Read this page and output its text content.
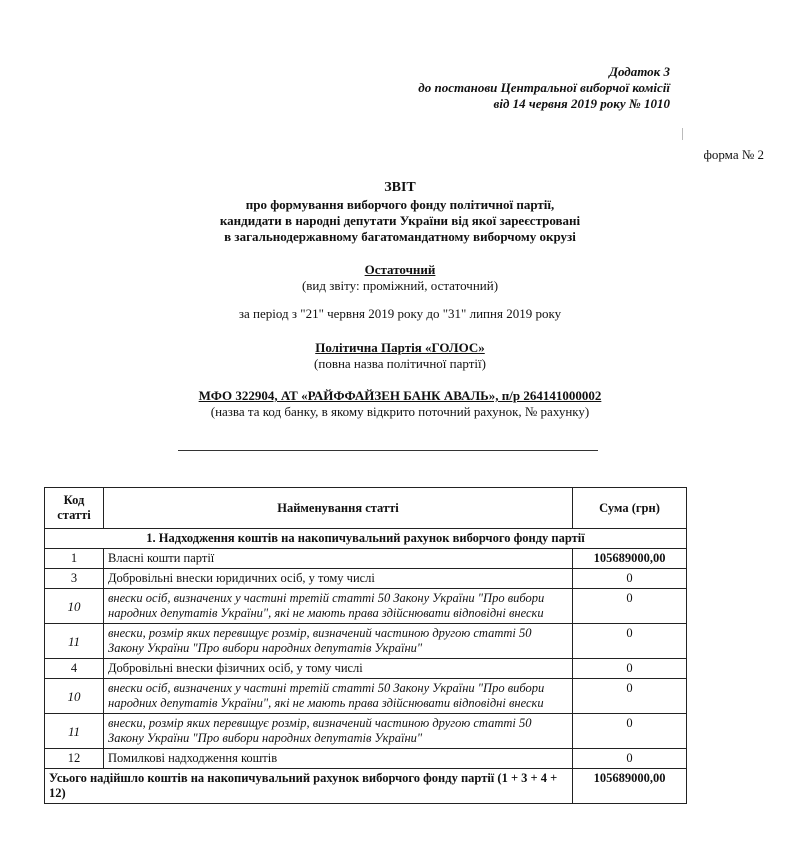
Додаток 3
до постанови Центральної виборчої комісії
від 14 червня 2019 року № 1010
форма № 2
ЗВІТ
про формування виборчого фонду політичної партії,
кандидати в народні депутати України від якої зареєстровані
в загальнодержавному багатомандатному виборчому окрузі
Остаточний
(вид звіту: проміжний, остаточний)
за період з "21" червня 2019 року до "31" липня 2019 року
Політична Партія «ГОЛОС»
(повна назва політичної партії)
МФО 322904, АТ «РАЙФФАЙЗЕН БАНК АВАЛЬ», п/р 264141000002
(назва та код банку, в якому відкрито поточний рахунок, № рахунку)
Код статті	Найменування статті	Сума (грн)
1. Надходження коштів на накопичувальний рахунок виборчого фонду партії		
1	Власні кошти партії	105689000,00
3	Добровільні внески юридичних осіб, у тому числі	0
10	внески осіб, визначених у частині третій статті 50 Закону України "Про вибори народних депутатів України", які не мають права здійснювати відповідні внески	0
11	внески, розмір яких перевищує розмір, визначений частиною другою статті 50 Закону України "Про вибори народних депутатів України"	0
4	Добровільні внески фізичних осіб, у тому числі	0
10	внески осіб, визначених у частині третій статті 50 Закону України "Про вибори народних депутатів України", які не мають права здійснювати відповідні внески	0
11	внески, розмір яких перевищує розмір, визначений частиною другою статті 50 Закону України "Про вибори народних депутатів України"	0
12	Помилкові надходження коштів	0
Усього надійшло коштів на накопичувальний рахунок виборчого фонду партії (1 + 3 + 4 + 12)		105689000,00
